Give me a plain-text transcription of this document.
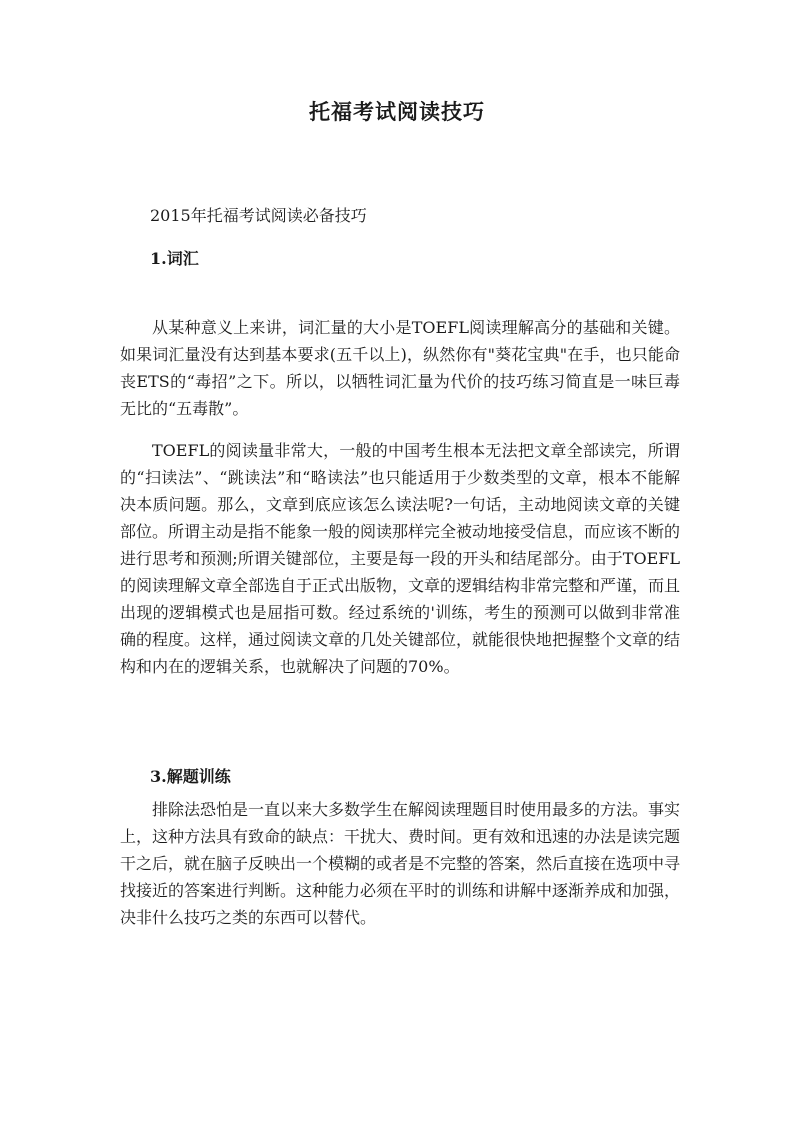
托福考试阅读技巧

2015年托福考试阅读必备技巧

1.词汇

从某种意义上来讲，词汇量的大小是TOEFL阅读理解高分的基础和关键。如果词汇量没有达到基本要求(五千以上)，纵然你有"葵花宝典"在手，也只能命丧ETS的“毒招”之下。所以，以牺牲词汇量为代价的技巧练习简直是一味巨毒无比的“五毒散”。

TOEFL的阅读量非常大，一般的中国考生根本无法把文章全部读完，所谓的“扫读法”、“跳读法”和“略读法”也只能适用于少数类型的文章，根本不能解决本质问题。那么，文章到底应该怎么读法呢?一句话，主动地阅读文章的关键部位。所谓主动是指不能象一般的阅读那样完全被动地接受信息，而应该不断的进行思考和预测;所谓关键部位，主要是每一段的开头和结尾部分。由于TOEFL的阅读理解文章全部选自于正式出版物，文章的逻辑结构非常完整和严谨，而且出现的逻辑模式也是屈指可数。经过系统的'训练，考生的预测可以做到非常准确的程度。这样，通过阅读文章的几处关键部位，就能很快地把握整个文章的结构和内在的逻辑关系，也就解决了问题的70%。

3.解题训练

排除法恐怕是一直以来大多数学生在解阅读理题目时使用最多的方法。事实上，这种方法具有致命的缺点：干扰大、费时间。更有效和迅速的办法是读完题干之后，就在脑子反映出一个模糊的或者是不完整的答案，然后直接在选项中寻找接近的答案进行判断。这种能力必须在平时的训练和讲解中逐渐养成和加强，决非什么技巧之类的东西可以替代。
